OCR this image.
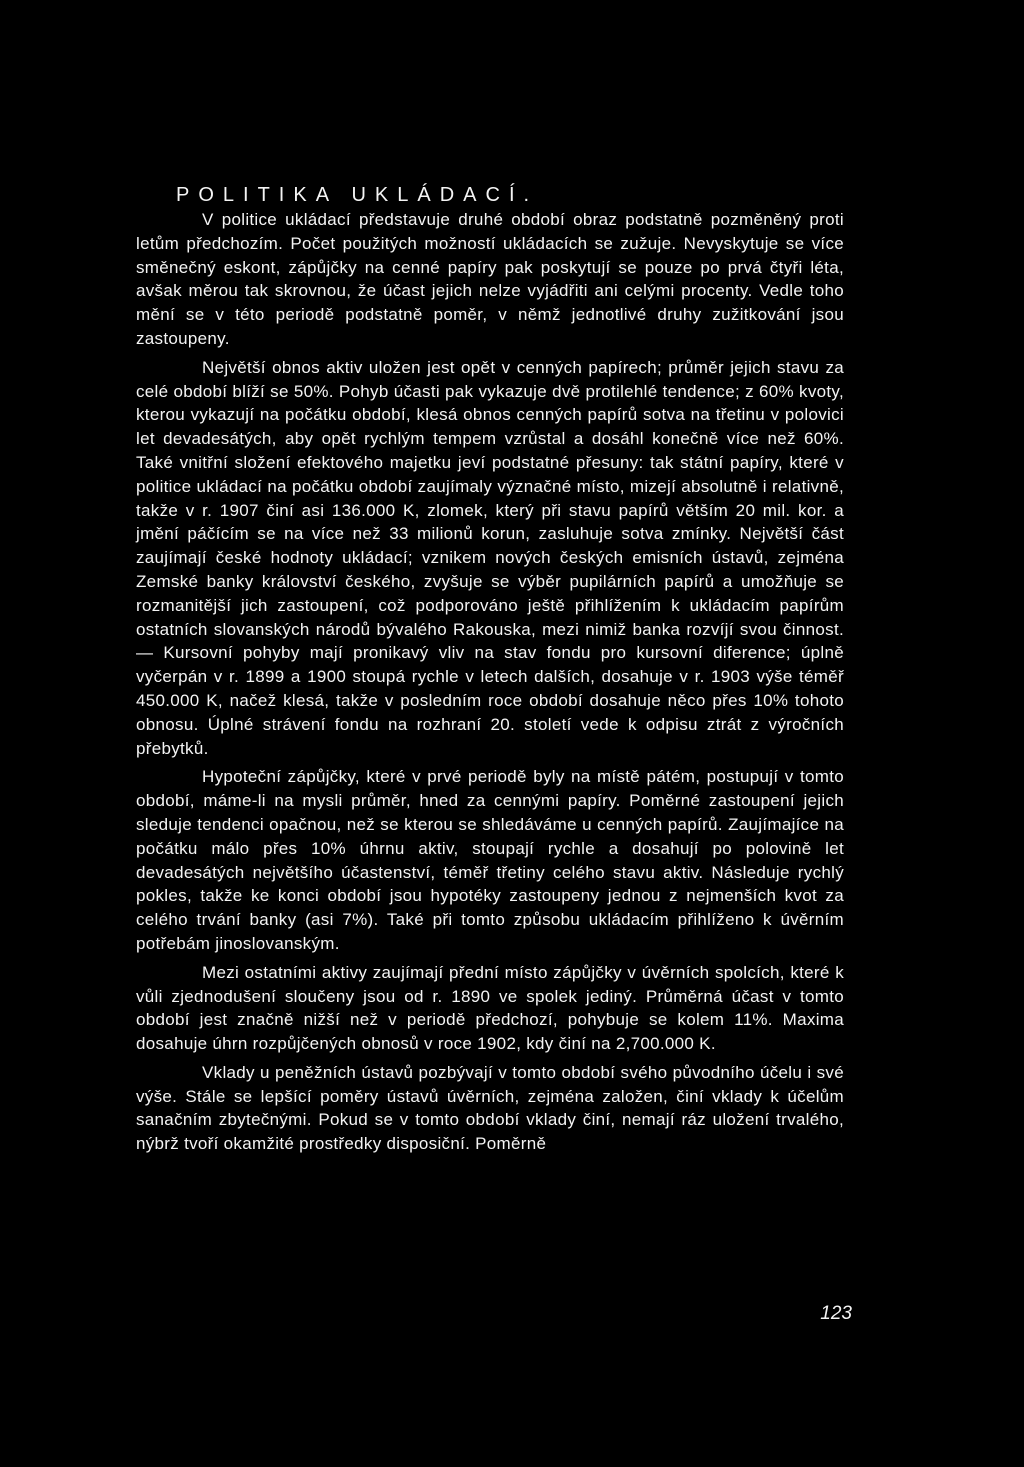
POLITIKA UKLÁDACÍ.

V politice ukládací představuje druhé období obraz podstatně pozměněný proti letům předchozím. Počet použitých možností ukládacích se zužuje. Nevyskytuje se více směnečný eskont, zápůjčky na cenné papíry pak poskytují se pouze po prvá čtyři léta, avšak měrou tak skrovnou, že účast jejich nelze vyjádřiti ani celými procenty. Vedle toho mění se v této periodě podstatně poměr, v němž jednotlivé druhy zužitkování jsou zastoupeny.

Největší obnos aktiv uložen jest opět v cenných papírech; průměr jejich stavu za celé období blíží se 50%. Pohyb účasti pak vykazuje dvě protilehlé tendence; z 60% kvoty, kterou vykazují na počátku období, klesá obnos cenných papírů sotva na třetinu v polovici let devadesátých, aby opět rychlým tempem vzrůstal a dosáhl konečně více než 60%. Také vnitřní složení efektového majetku jeví podstatné přesuny: tak státní papíry, které v politice ukládací na počátku období zaujímaly význačné místo, mizejí absolutně i relativně, takže v r. 1907 činí asi 136.000 K, zlomek, který při stavu papírů větším 20 mil. kor. a jmění páčícím se na více než 33 milionů korun, zasluhuje sotva zmínky. Největší část zaujímají české hodnoty ukládací; vznikem nových českých emisních ústavů, zejména Zemské banky království českého, zvyšuje se výběr pupilárních papírů a umožňuje se rozmanitější jich zastoupení, což podporováno ještě přihlížením k ukládacím papírům ostatních slovanských národů bývalého Rakouska, mezi nimiž banka rozvíjí svou činnost. — Kursovní pohyby mají pronikavý vliv na stav fondu pro kursovní diference; úplně vyčerpán v r. 1899 a 1900 stoupá rychle v letech dalších, dosahuje v r. 1903 výše téměř 450.000 K, načež klesá, takže v posledním roce období dosahuje něco přes 10% tohoto obnosu. Úplné strávení fondu na rozhraní 20. století vede k odpisu ztrát z výročních přebytků.

Hypoteční zápůjčky, které v prvé periodě byly na místě pátém, postupují v tomto období, máme-li na mysli průměr, hned za cennými papíry. Poměrné zastoupení jejich sleduje tendenci opačnou, než se kterou se shledáváme u cenných papírů. Zaujímajíce na počátku málo přes 10% úhrnu aktiv, stoupají rychle a dosahují po polovině let devadesátých největšího účastenství, téměř třetiny celého stavu aktiv. Následuje rychlý pokles, takže ke konci období jsou hypotéky zastoupeny jednou z nejmenších kvot za celého trvání banky (asi 7%). Také při tomto způsobu ukládacím přihlíženo k úvěrním potřebám jinoslovanským.

Mezi ostatními aktivy zaujímají přední místo zápůjčky v úvěrních spolcích, které k vůli zjednodušení sloučeny jsou od r. 1890 ve spolek jediný. Průměrná účast v tomto období jest značně nižší než v periodě předchozí, pohybuje se kolem 11%. Maxima dosahuje úhrn rozpůjčených obnosů v roce 1902, kdy činí na 2,700.000 K.

Vklady u peněžních ústavů pozbývají v tomto období svého původního účelu i své výše. Stále se lepšící poměry ústavů úvěrních, zejména založen, činí vklady k účelům sanačním zbytečnými. Pokud se v tomto období vklady činí, nemají ráz uložení trvalého, nýbrž tvoří okamžité prostředky disposiční. Poměrně

123
